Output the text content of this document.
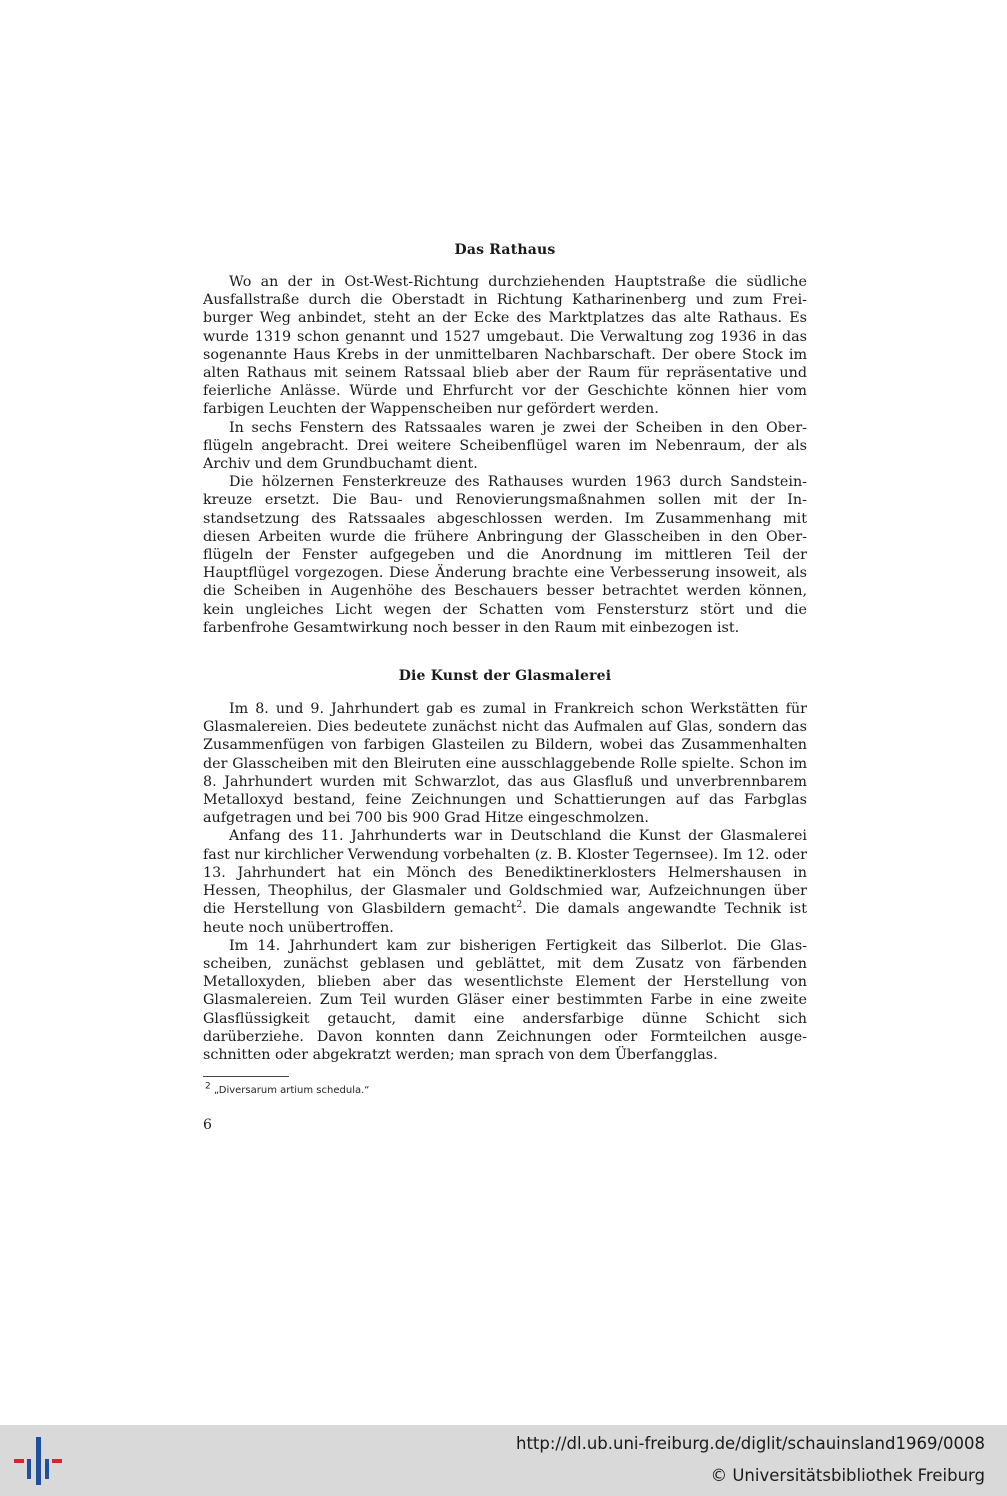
Das Rathaus

Wo an der in Ost-West-Richtung durchziehenden Hauptstraße die südliche Ausfallstraße durch die Oberstadt in Richtung Katharinenberg und zum Freiburger Weg anbindet, steht an der Ecke des Marktplatzes das alte Rathaus. Es wurde 1319 schon genannt und 1527 umgebaut. Die Verwaltung zog 1936 in das sogenannte Haus Krebs in der unmittelbaren Nachbarschaft. Der obere Stock im alten Rathaus mit seinem Ratssaal blieb aber der Raum für repräsentative und feierliche Anlässe. Würde und Ehrfurcht vor der Geschichte können hier vom farbigen Leuchten der Wappenscheiben nur gefördert werden.

In sechs Fenstern des Ratssaales waren je zwei der Scheiben in den Oberflügeln angebracht. Drei weitere Scheibenflügel waren im Nebenraum, der als Archiv und dem Grundbuchamt dient.

Die hölzernen Fensterkreuze des Rathauses wurden 1963 durch Sandsteinkreuze ersetzt. Die Bau- und Renovierungsmaßnahmen sollen mit der Instandsetzung des Ratssaales abgeschlossen werden. Im Zusammenhang mit diesen Arbeiten wurde die frühere Anbringung der Glasscheiben in den Oberflügeln der Fenster aufgegeben und die Anordnung im mittleren Teil der Hauptflügel vorgezogen. Diese Änderung brachte eine Verbesserung insoweit, als die Scheiben in Augenhöhe des Beschauers besser betrachtet werden können, kein ungleiches Licht wegen der Schatten vom Fenstersturz stört und die farbenfrohe Gesamtwirkung noch besser in den Raum mit einbezogen ist.

Die Kunst der Glasmalerei

Im 8. und 9. Jahrhundert gab es zumal in Frankreich schon Werkstätten für Glasmalereien. Dies bedeutete zunächst nicht das Aufmalen auf Glas, sondern das Zusammenfügen von farbigen Glasteilen zu Bildern, wobei das Zusammenhalten der Glasscheiben mit den Bleiruten eine ausschlaggebende Rolle spielte. Schon im 8. Jahrhundert wurden mit Schwarzlot, das aus Glasfluß und unverbrennbarem Metalloxyd bestand, feine Zeichnungen und Schattierungen auf das Farbglas aufgetragen und bei 700 bis 900 Grad Hitze eingeschmolzen.

Anfang des 11. Jahrhunderts war in Deutschland die Kunst der Glasmalerei fast nur kirchlicher Verwendung vorbehalten (z. B. Kloster Tegernsee). Im 12. oder 13. Jahrhundert hat ein Mönch des Benediktinerklosters Helmershausen in Hessen, Theophilus, der Glasmaler und Goldschmied war, Aufzeichnungen über die Herstellung von Glasbildern gemacht$^2$. Die damals angewandte Technik ist heute noch unübertroffen.

Im 14. Jahrhundert kam zur bisherigen Fertigkeit das Silberlot. Die Glasscheiben, zunächst geblasen und geblättet, mit dem Zusatz von färbenden Metalloxyden, blieben aber das wesentlichste Element der Herstellung von Glasmalereien. Zum Teil wurden Gläser einer bestimmten Farbe in eine zweite Glasflüssigkeit getaucht, damit eine andersfarbige dünne Schicht sich darüberziehe. Davon konnten dann Zeichnungen oder Formteilchen ausgeschnitten oder abgekratzt werden; man sprach von dem Überfangglas.

$^2$ „Diversarum artium schedula.“
6
http://dl.ub.uni-freiburg.de/diglit/schauinsland1969/0008
© Universitätsbibliothek Freiburg
